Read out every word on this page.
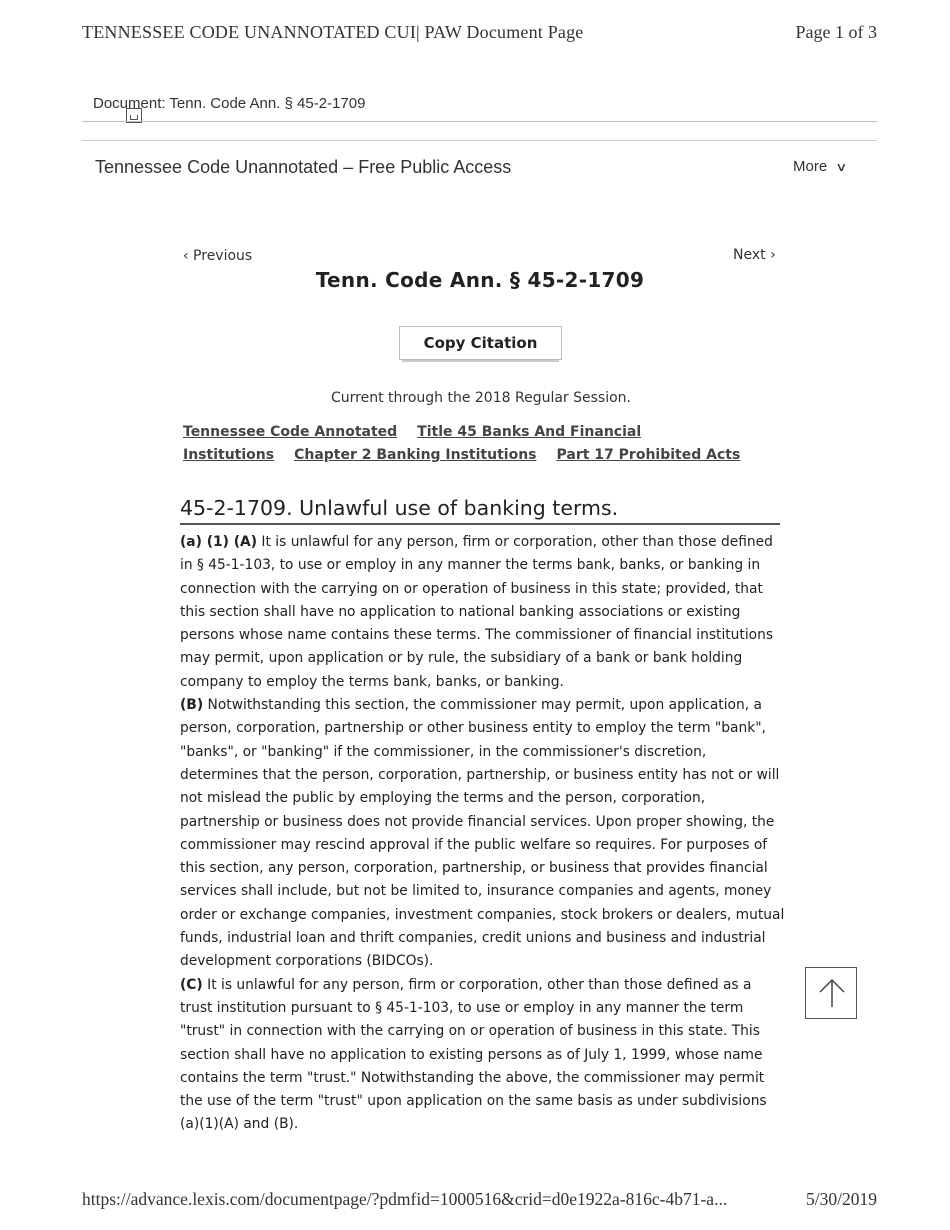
TENNESSEE CODE UNANNOTATED CUI| PAW Document Page	Page 1 of 3
Document: Tenn. Code Ann. § 45-2-1709
Tennessee Code Unannotated – Free Public Access	More ∨
‹ Previous	Next ›
Tenn. Code Ann. § 45-2-1709
Copy Citation
Current through the 2018 Regular Session.
Tennessee Code Annotated Title 45 Banks And Financial Institutions Chapter 2 Banking Institutions Part 17 Prohibited Acts
45-2-1709. Unlawful use of banking terms.

(a) (1) (A) It is unlawful for any person, firm or corporation, other than those defined in § 45-1-103, to use or employ in any manner the terms bank, banks, or banking in connection with the carrying on or operation of business in this state; provided, that this section shall have no application to national banking associations or existing persons whose name contains these terms. The commissioner of financial institutions may permit, upon application or by rule, the subsidiary of a bank or bank holding company to employ the terms bank, banks, or banking.

(B) Notwithstanding this section, the commissioner may permit, upon application, a person, corporation, partnership or other business entity to employ the term "bank", "banks", or "banking" if the commissioner, in the commissioner's discretion, determines that the person, corporation, partnership, or business entity has not or will not mislead the public by employing the terms and the person, corporation, partnership or business does not provide financial services. Upon proper showing, the commissioner may rescind approval if the public welfare so requires. For purposes of this section, any person, corporation, partnership, or business that provides financial services shall include, but not be limited to, insurance companies and agents, money order or exchange companies, investment companies, stock brokers or dealers, mutual funds, industrial loan and thrift companies, credit unions and business and industrial development corporations (BIDCOs).

(C) It is unlawful for any person, firm or corporation, other than those defined as a trust institution pursuant to § 45-1-103, to use or employ in any manner the term "trust" in connection with the carrying on or operation of business in this state. This section shall have no application to existing persons as of July 1, 1999, whose name contains the term "trust." Notwithstanding the above, the commissioner may permit the use of the term "trust" upon application on the same basis as under subdivisions (a)(1)(A) and (B).

https://advance.lexis.com/documentpage/?pdmfid=1000516&crid=d0e1922a-816c-4b71-a...	5/30/2019
